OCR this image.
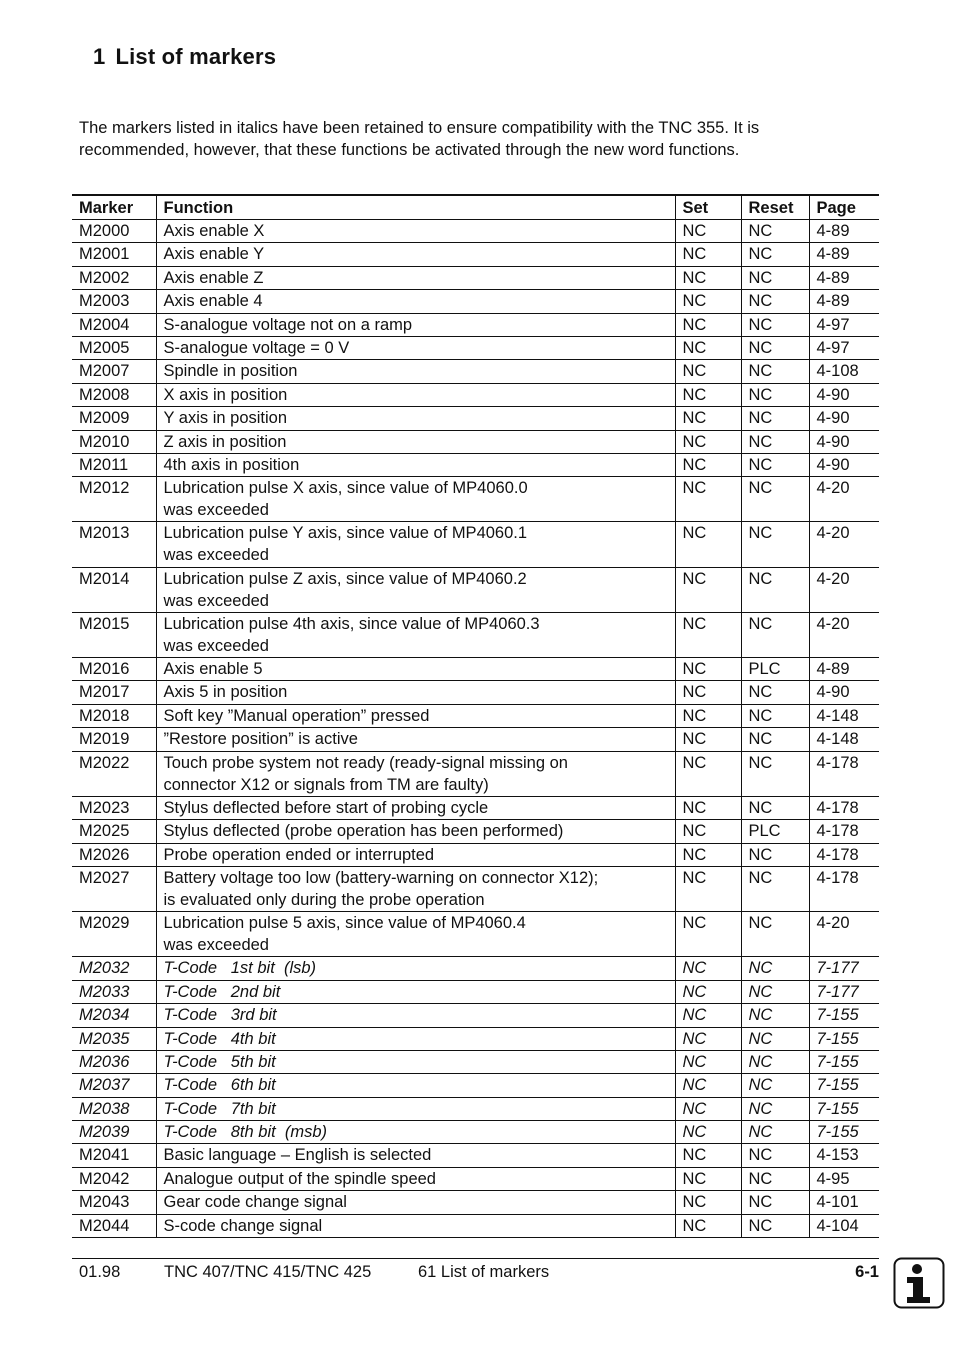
1 List of markers

The markers listed in italics have been retained to ensure compatibility with the TNC 355. It is recommended, however, that these functions be activated through the new word functions.

Marker	Function	Set	Reset	Page
M2000	Axis enable X	NC	NC	4-89
M2001	Axis enable Y	NC	NC	4-89
M2002	Axis enable Z	NC	NC	4-89
M2003	Axis enable 4	NC	NC	4-89
M2004	S-analogue voltage not on a ramp	NC	NC	4-97
M2005	S-analogue voltage = 0 V	NC	NC	4-97
M2007	Spindle in position	NC	NC	4-108
M2008	X axis in position	NC	NC	4-90
M2009	Y axis in position	NC	NC	4-90
M2010	Z axis in position	NC	NC	4-90
M2011	4th axis in position	NC	NC	4-90
M2012	Lubrication pulse X axis, since value of MP4060.0
was exceeded	NC	NC	4-20
M2013	Lubrication pulse Y axis, since value of MP4060.1
was exceeded	NC	NC	4-20
M2014	Lubrication pulse Z axis, since value of MP4060.2
was exceeded	NC	NC	4-20
M2015	Lubrication pulse 4th axis, since value of MP4060.3
was exceeded	NC	NC	4-20
M2016	Axis enable 5	NC	PLC	4-89
M2017	Axis 5 in position	NC	NC	4-90
M2018	Soft key ”Manual operation” pressed	NC	NC	4-148
M2019	”Restore position” is active	NC	NC	4-148
M2022	Touch probe system not ready (ready-signal missing on
connector X12 or signals from TM are faulty)	NC	NC	4-178
M2023	Stylus deflected before start of probing cycle	NC	NC	4-178
M2025	Stylus deflected (probe operation has been performed)	NC	PLC	4-178
M2026	Probe operation ended or interrupted	NC	NC	4-178
M2027	Battery voltage too low (battery-warning on connector X12);
is evaluated only during the probe operation	NC	NC	4-178
M2029	Lubrication pulse 5 axis, since value of MP4060.4
was exceeded	NC	NC	4-20
M2032	T-Code   1st bit  (lsb)	NC	NC	7-177
M2033	T-Code   2nd bit	NC	NC	7-177
M2034	T-Code   3rd bit	NC	NC	7-155
M2035	T-Code   4th bit	NC	NC	7-155
M2036	T-Code   5th bit	NC	NC	7-155
M2037	T-Code   6th bit	NC	NC	7-155
M2038	T-Code   7th bit	NC	NC	7-155
M2039	T-Code   8th bit  (msb)	NC	NC	7-155
M2041	Basic language – English is selected	NC	NC	4-153
M2042	Analogue output of the spindle speed	NC	NC	4-95
M2043	Gear code change signal	NC	NC	4-101
M2044	S-code change signal	NC	NC	4-104
01.98	TNC 407/TNC 415/TNC 425	61 List of markers	6-1
